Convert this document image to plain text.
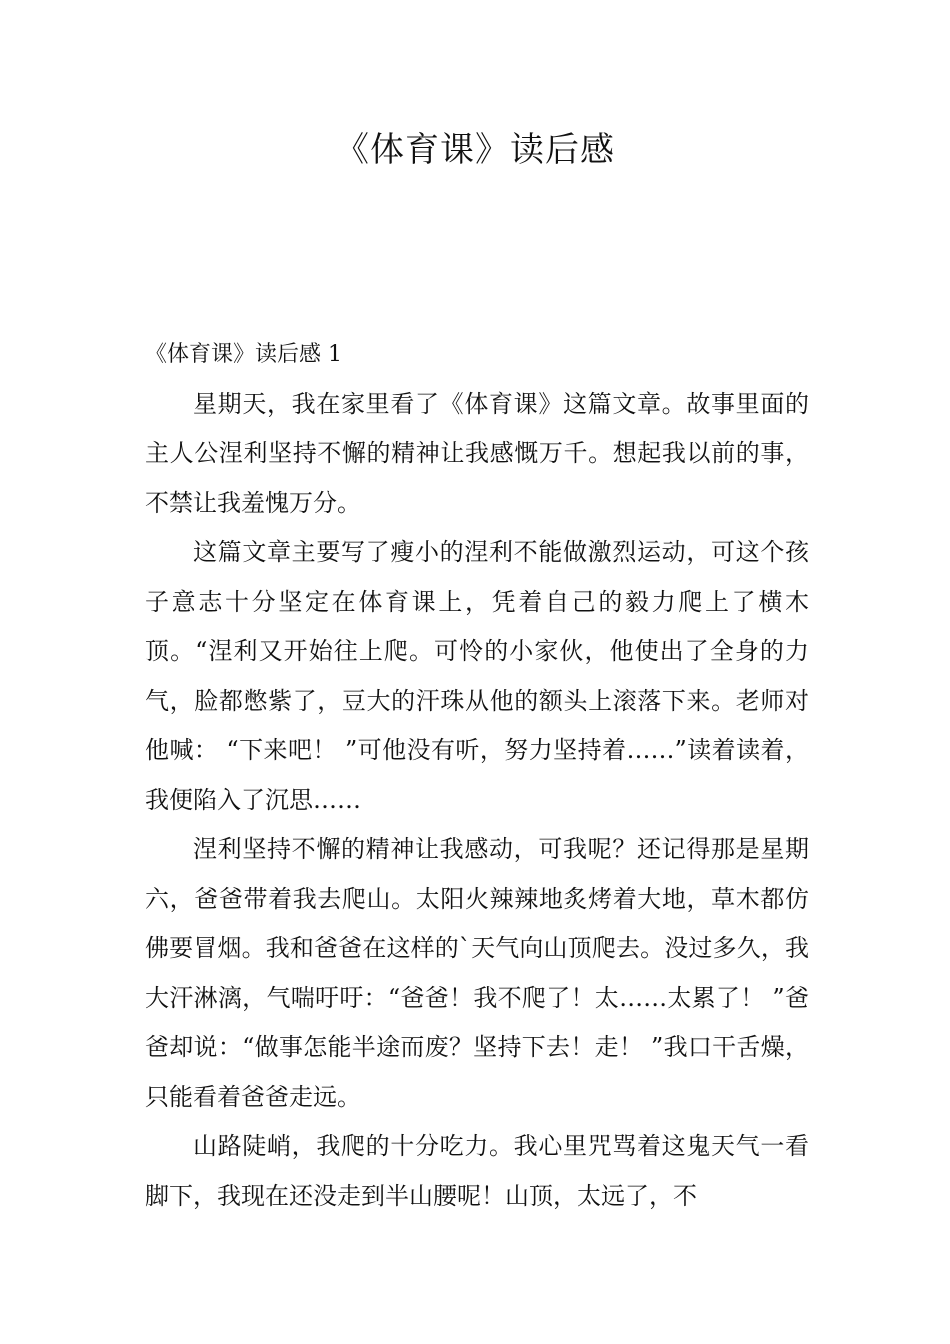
《体育课》读后感

《体育课》读后感 1

星期天，我在家里看了《体育课》这篇文章。故事里面的主人公涅利坚持不懈的精神让我感慨万千。想起我以前的事，不禁让我羞愧万分。

这篇文章主要写了瘦小的涅利不能做激烈运动，可这个孩子意志十分坚定在体育课上，凭着自己的毅力爬上了横木顶。“涅利又开始往上爬。可怜的小家伙，他使出了全身的力气，脸都憋紫了，豆大的汗珠从他的额头上滚落下来。老师对他喊： “下来吧！ ”可他没有听，努力坚持着……”读着读着，我便陷入了沉思……

涅利坚持不懈的精神让我感动，可我呢？还记得那是星期六，爸爸带着我去爬山。太阳火辣辣地炙烤着大地，草木都仿佛要冒烟。我和爸爸在这样的`天气向山顶爬去。没过多久，我大汗淋漓，气喘吁吁：“爸爸！我不爬了！太……太累了！ ”爸爸却说：“做事怎能半途而废？坚持下去！走！ ”我口干舌燥，只能看着爸爸走远。

山路陡峭，我爬的十分吃力。我心里咒骂着这鬼天气一看脚下，我现在还没走到半山腰呢！山顶，太远了，不
